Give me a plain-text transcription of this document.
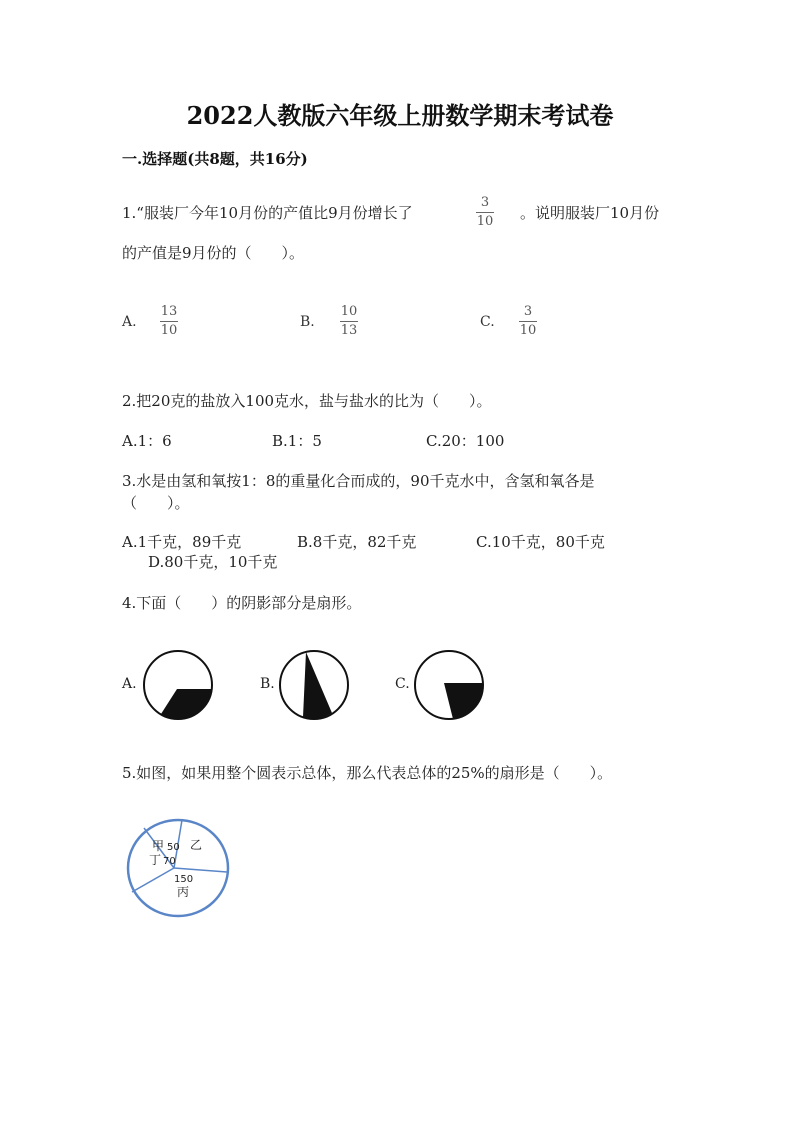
2022人教版六年级上册数学期末考试卷
一.选择题(共8题，共16分)
1.“服装厂今年10月份的产值比9月份增长了
3
10 。说明服装厂10月份
的产值是9月份的（　　）。
A.
13
10
B.
10
13
C.
3
10
2.把20克的盐放入100克水，盐与盐水的比为（　　）。
A.1：6	B.1：5	C.20：100
3.水是由氢和氧按1：8的重量化合而成的，90千克水中，含氢和氧各是
（　　）。
A.1千克，89千克	B.8千克，82千克	C.10千克，80千克
D.80千克，10千克
4.下面（　　）的阴影部分是扇形。
A.	B.	C.
5.如图，如果用整个圆表示总体，那么代表总体的25%的扇形是（　　）。
甲 50 乙
丁 70
150
丙
